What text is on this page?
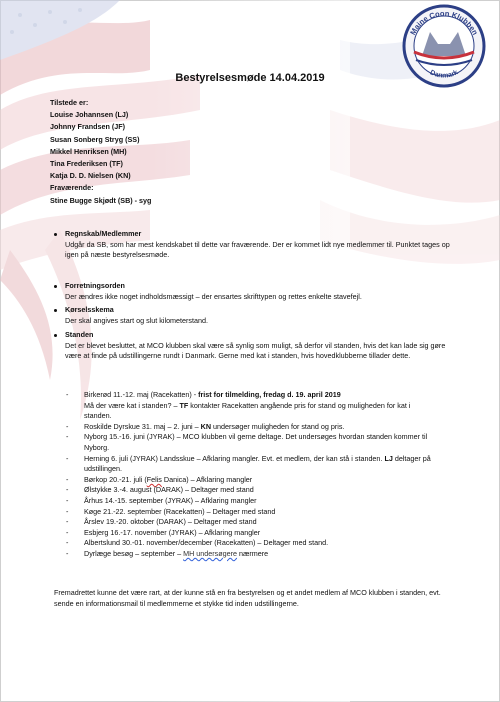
Maine Coon Klubben
Danmark
Bestyrelsesmøde 14.04.2019
Tilstede er:
Louise Johannsen (LJ)
Johnny Frandsen (JF)
Susan Sonberg Stryg (SS)
Mikkel Henriksen (MH)
Tina Frederiksen (TF)
Katja D. D. Nielsen (KN)
Fraværende:
Stine Bugge Skjødt (SB) - syg
Regnskab/Medlemmer
Udgår da SB, som har mest kendskabet til dette var fraværende. Der er kommet lidt nye medlemmer til. Punktet tages op igen på næste bestyrelsesmøde.
Forretningsorden
Der ændres ikke noget indholdsmæssigt – der ensartes skrifttypen og rettes enkelte stavefejl.
Kørselsskema
Der skal angives start og slut kilometerstand.
Standen
Det er blevet besluttet, at MCO klubben skal være så synlig som muligt, så derfor vil standen, hvis det kan lade sig gøre være at finde på udstillingerne rundt i Danmark. Gerne med kat i standen, hvis hovedklubberne tillader dette.
- Birkerød 11.-12. maj (Racekatten) - frist for tilmelding, fredag d. 19. april 2019
Må der være kat i standen? – TF kontakter Racekatten angående pris for stand og muligheden for kat i standen.
- Roskilde Dyrskue 31. maj – 2. juni – KN undersøger muligheden for stand og pris.
- Nyborg 15.-16. juni (JYRAK) – MCO klubben vil gerne deltage. Det undersøges hvordan standen kommer til Nyborg.
- Herning 6. juli (JYRAK) Landsskue – Afklaring mangler. Evt. et medlem, der kan stå i standen. LJ deltager på udstillingen.
- Børkop 20.-21. juli (Felis Danica) – Afklaring mangler
- Ølstykke 3.-4. august (DARAK) – Deltager med stand
- Århus 14.-15. september (JYRAK) – Afklaring mangler
- Køge 21.-22. september (Racekatten) – Deltager med stand
- Årslev 19.-20. oktober (DARAK) – Deltager med stand
- Esbjerg 16.-17. november (JYRAK) – Afklaring mangler
- Albertslund 30.-01. november/december (Racekatten) – Deltager med stand.
- Dyrlæge besøg – september – MH undersøgere nærmere
Fremadrettet kunne det være rart, at der kunne stå en fra bestyrelsen og et andet medlem af MCO klubben i standen, evt. sende en informationsmail til medlemmerne et stykke tid inden udstillingerne.
